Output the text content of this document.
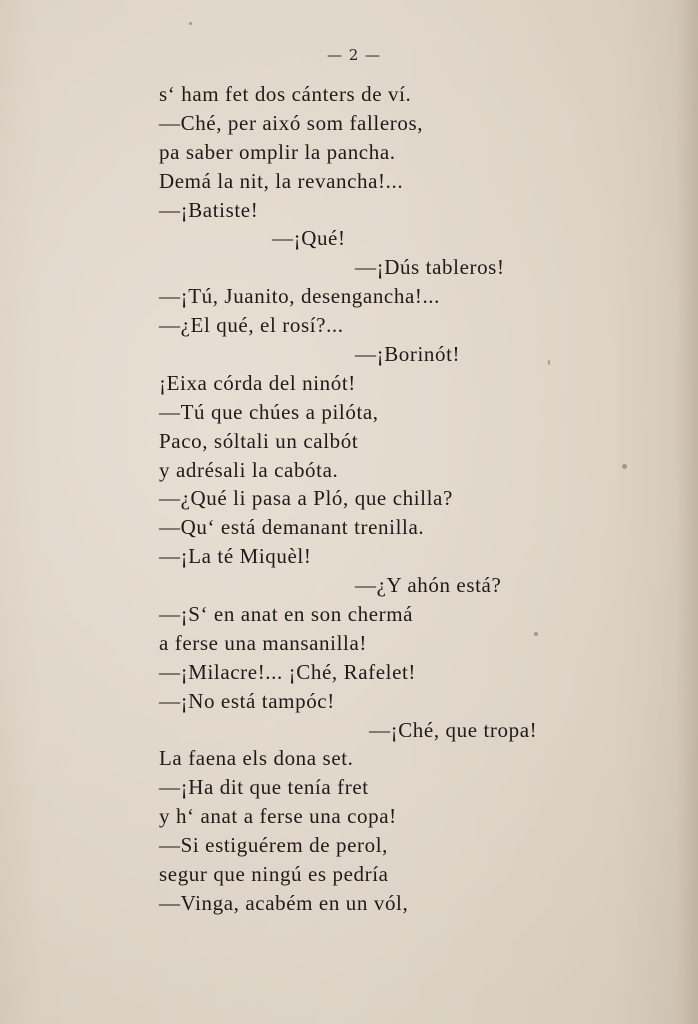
— 2 —
s‘ ham fet dos cánters de ví.
—Ché, per aixó som falleros,
pa saber omplir la pancha.
Demá la nit, la revancha!...
—¡Batiste!
—¡Qué!
—¡Dús tableros!
—¡Tú, Juanito, desengancha!...
—¿El qué, el rosí?...
—¡Borinót!
¡Eixa córda del ninót!
—Tú que chúes a pilóta,
Paco, sóltali un calbót
y adrésali la cabóta.
—¿Qué li pasa a Pló, que chilla?
—Qu‘ está demanant trenilla.
—¡La té Miquèl!
—¿Y ahón está?
—¡S‘ en anat en son chermá
a ferse una mansanilla!
—¡Milacre!... ¡Ché, Rafelet!
—¡No está tampóc!
—¡Ché, que tropa!
La faena els dona set.
—¡Ha dit que tenía fret
y h‘ anat a ferse una copa!
—Si estiguérem de perol,
segur que ningú es pedría
—Vinga, acabém en un vól,
